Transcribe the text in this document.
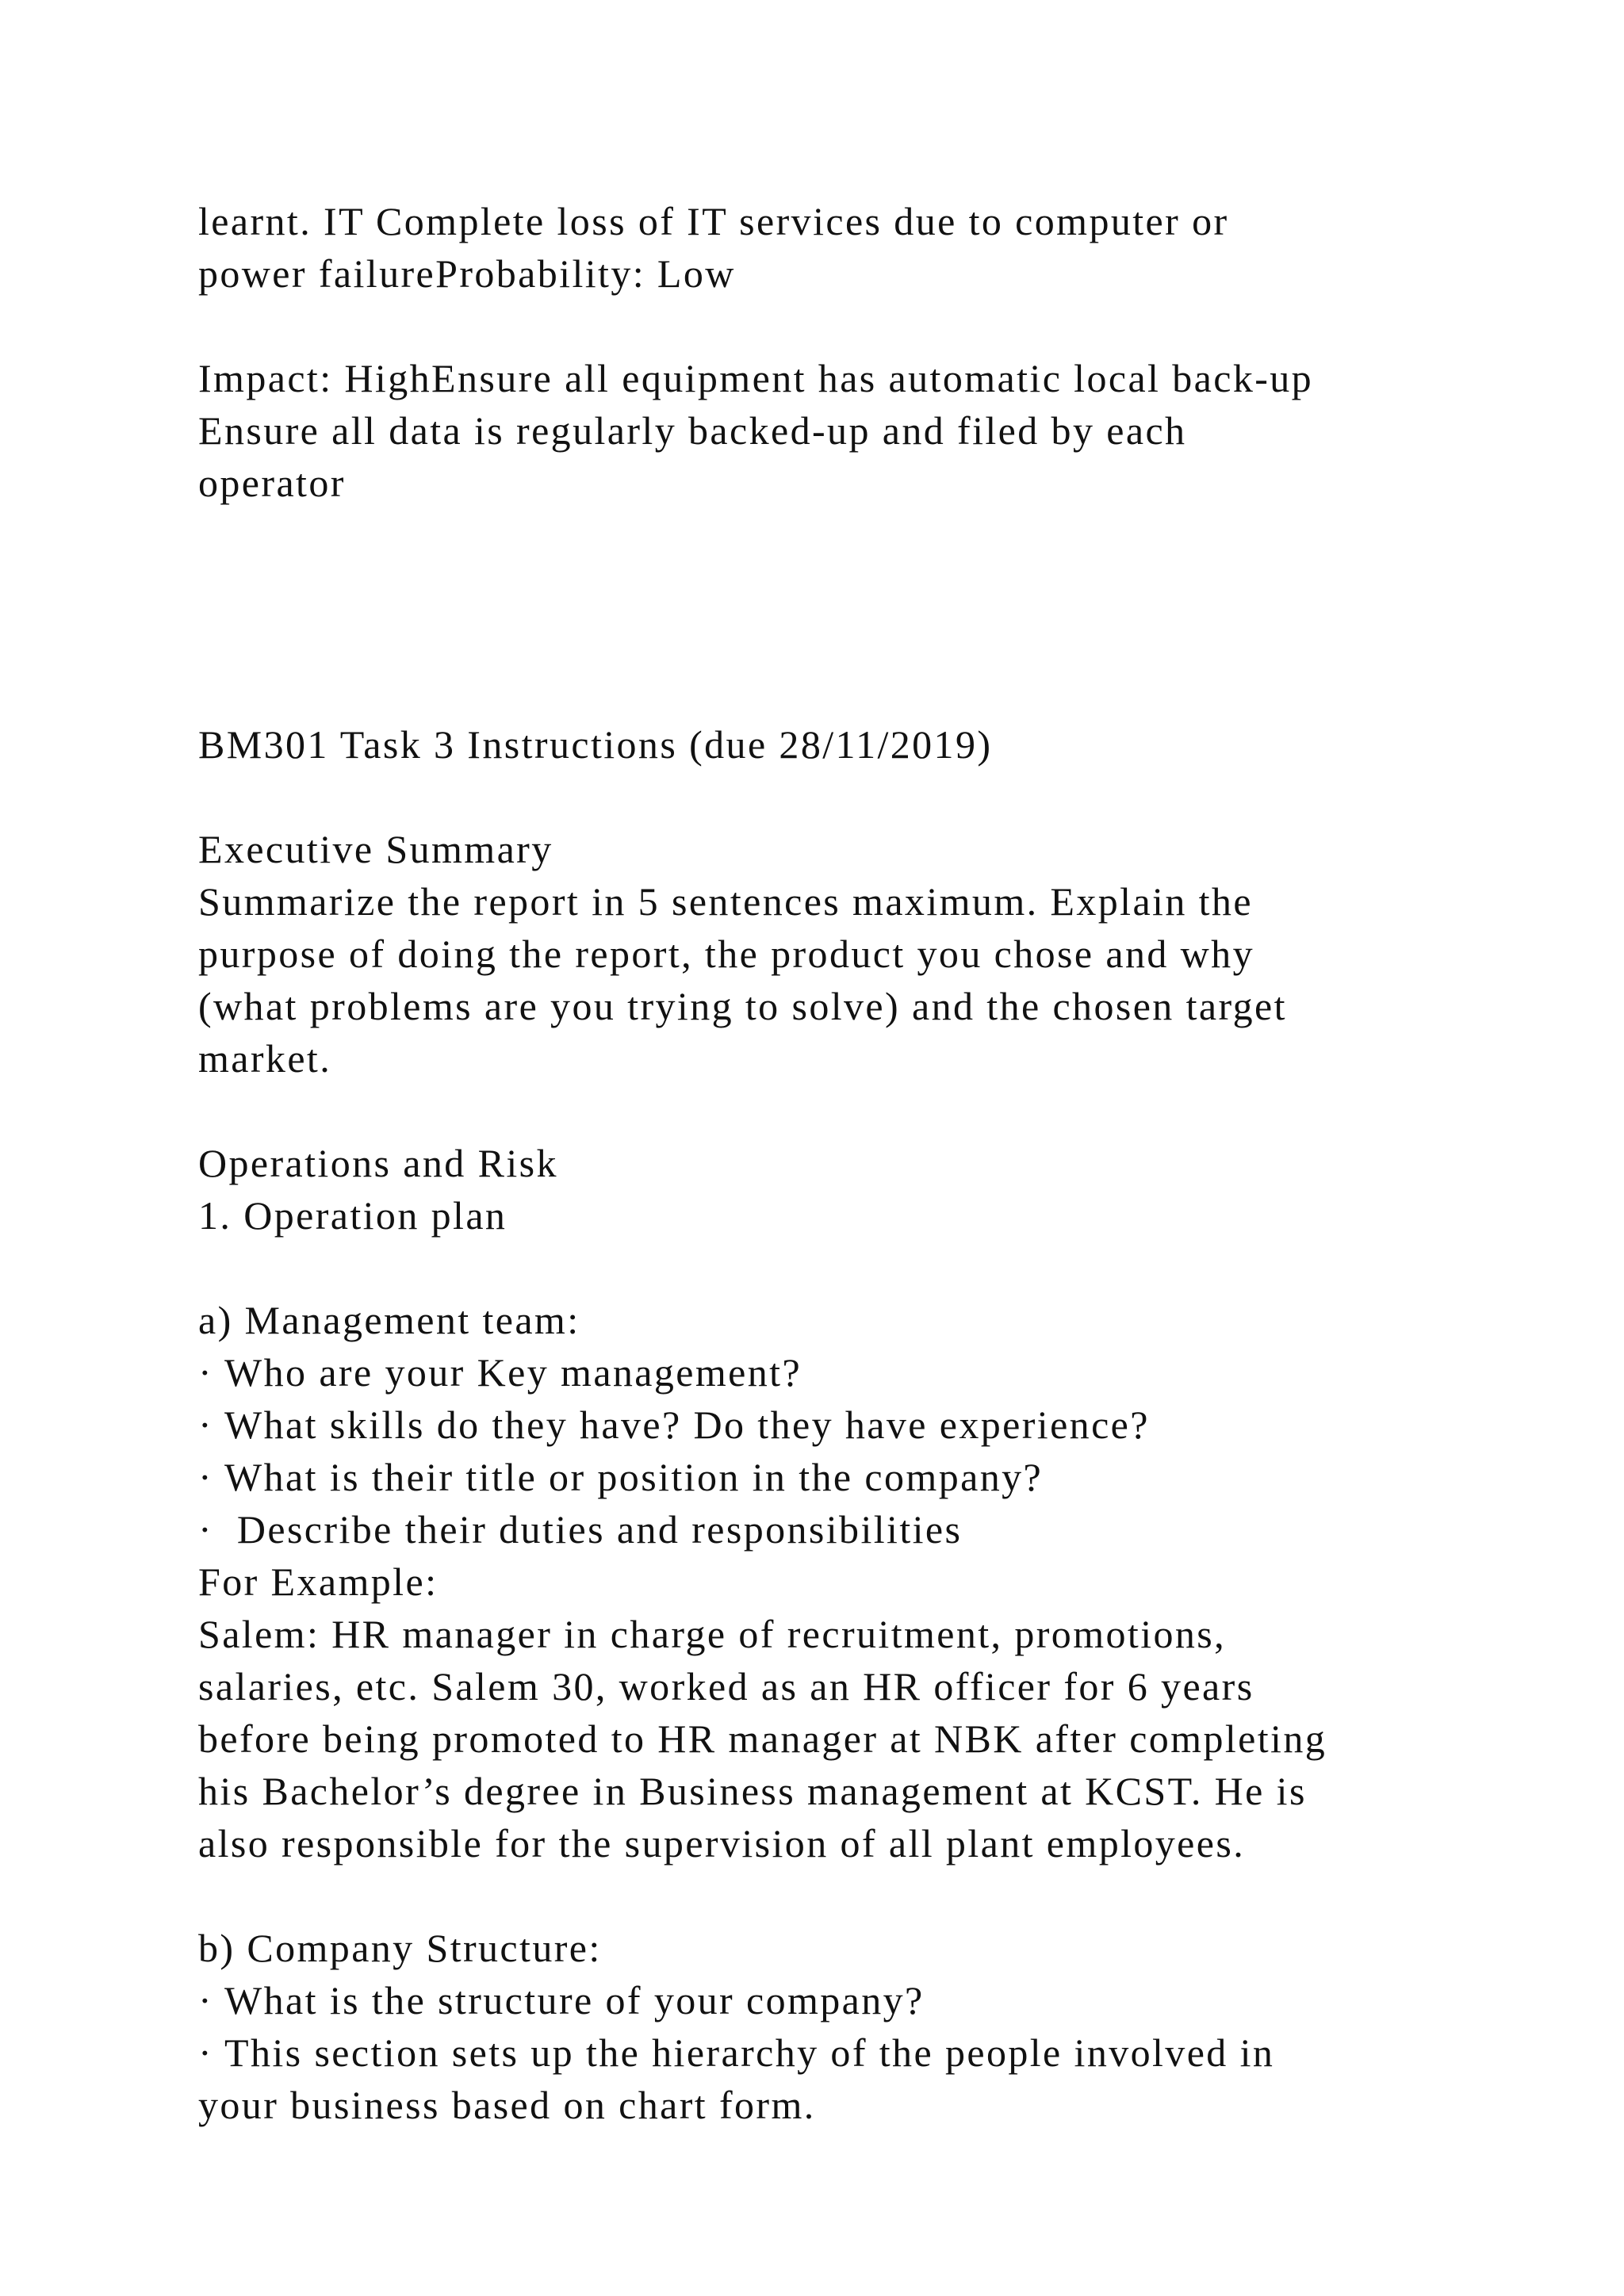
learnt. IT Complete loss of IT services due to computer or
power failureProbability: Low
Impact: HighEnsure all equipment has automatic local back-up
Ensure all data is regularly backed-up and filed by each
operator
BM301 Task 3 Instructions (due 28/11/2019)
Executive Summary
Summarize the report in 5 sentences maximum. Explain the
purpose of doing the report, the product you chose and why
(what problems are you trying to solve) and the chosen target
market.
Operations and Risk
1. Operation plan
a) Management team:
· Who are your Key management?
· What skills do they have? Do they have experience?
· What is their title or position in the company?
·  Describe their duties and responsibilities
For Example:
Salem: HR manager in charge of recruitment, promotions,
salaries, etc. Salem 30, worked as an HR officer for 6 years
before being promoted to HR manager at NBK after completing
his Bachelor’s degree in Business management at KCST. He is
also responsible for the supervision of all plant employees.
b) Company Structure:
· What is the structure of your company?
· This section sets up the hierarchy of the people involved in
your business based on chart form.
